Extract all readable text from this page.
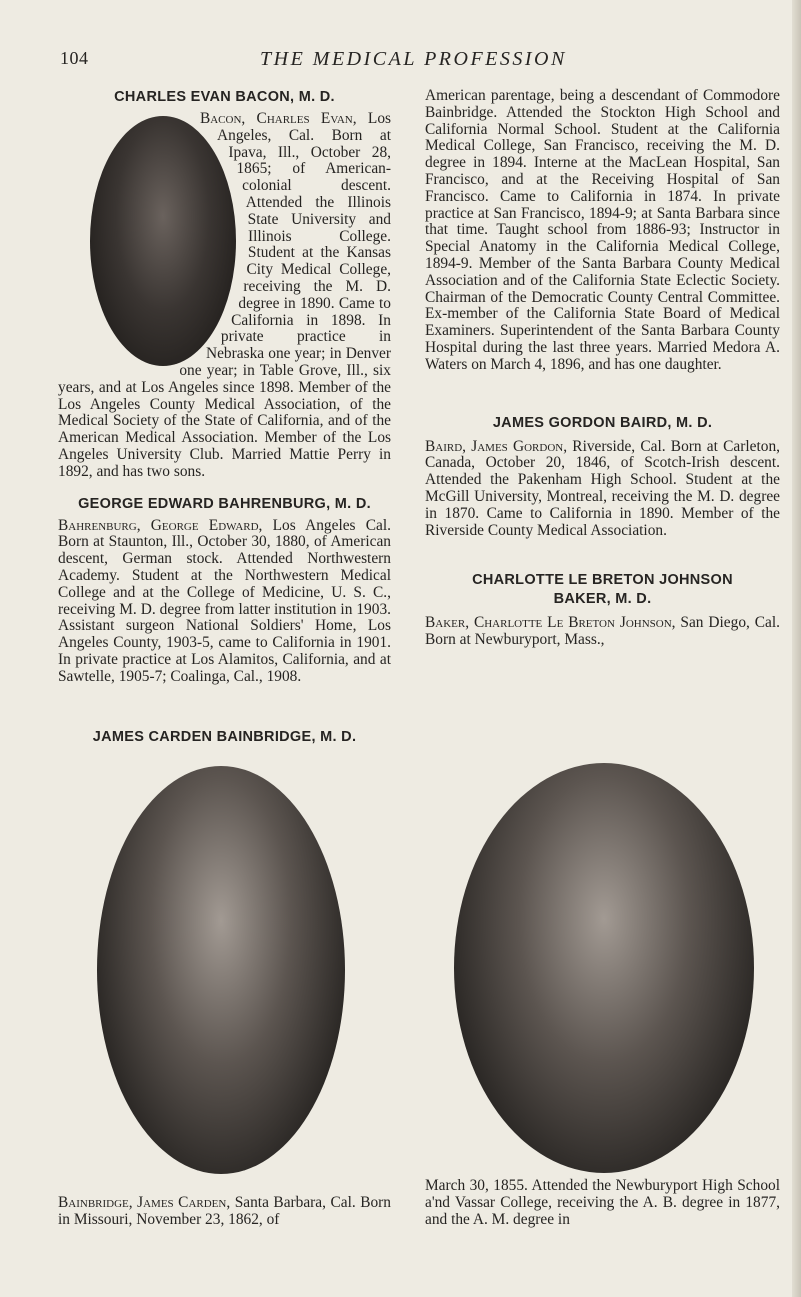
104	THE MEDICAL PROFESSION
CHARLES EVAN BACON, M. D.

Bacon, Charles Evan, Los Angeles, Cal. Born at Ipava, Ill., October 28, 1865; of American-colonial descent. Attended the Illinois State University and Illinois College. Student at the Kansas City Medical College, receiving the M. D. degree in 1890. Came to California in 1898. In private practice in Nebraska one year; in Denver one year; in Table Grove, Ill., six years, and at Los Angeles since 1898. Member of the Los Angeles County Medical Association, of the Medical Society of the State of California, and of the American Medical Association. Member of the Los Angeles University Club. Married Mattie Perry in 1892, and has two sons.

GEORGE EDWARD BAHRENBURG, M. D.

Bahrenburg, George Edward, Los Angeles Cal. Born at Staunton, Ill., October 30, 1880, of American descent, German stock. Attended Northwestern Academy. Student at the Northwestern Medical College and at the College of Medicine, U. S. C., receiving M. D. degree from latter institution in 1903. Assistant surgeon National Soldiers' Home, Los Angeles County, 1903-5, came to California in 1901. In private practice at Los Alamitos, California, and at Sawtelle, 1905-7; Coalinga, Cal., 1908.

JAMES CARDEN BAINBRIDGE, M. D.

Bainbridge, James Carden, Santa Barbara, Cal. Born in Missouri, November 23, 1862, of

American parentage, being a descendant of Commodore Bainbridge. Attended the Stockton High School and California Normal School. Student at the California Medical College, San Francisco, receiving the M. D. degree in 1894. Interne at the MacLean Hospital, San Francisco, and at the Receiving Hospital of San Francisco. Came to California in 1874. In private practice at San Francisco, 1894-9; at Santa Barbara since that time. Taught school from 1886-93; Instructor in Special Anatomy in the California Medical College, 1894-9. Member of the Santa Barbara County Medical Association and of the California State Eclectic Society. Chairman of the Democratic County Central Committee. Ex-member of the California State Board of Medical Examiners. Superintendent of the Santa Barbara County Hospital during the last three years. Married Medora A. Waters on March 4, 1896, and has one daughter.

JAMES GORDON BAIRD, M. D.

Baird, James Gordon, Riverside, Cal. Born at Carleton, Canada, October 20, 1846, of Scotch-Irish descent. Attended the Pakenham High School. Student at the McGill University, Montreal, receiving the M. D. degree in 1870. Came to California in 1890. Member of the Riverside County Medical Association.

CHARLOTTE LE BRETON JOHNSON
BAKER, M. D.

Baker, Charlotte Le Breton Johnson, San Diego, Cal. Born at Newburyport, Mass.,

March 30, 1855. Attended the Newburyport High School a'nd Vassar College, receiving the A. B. degree in 1877, and the A. M. degree in
